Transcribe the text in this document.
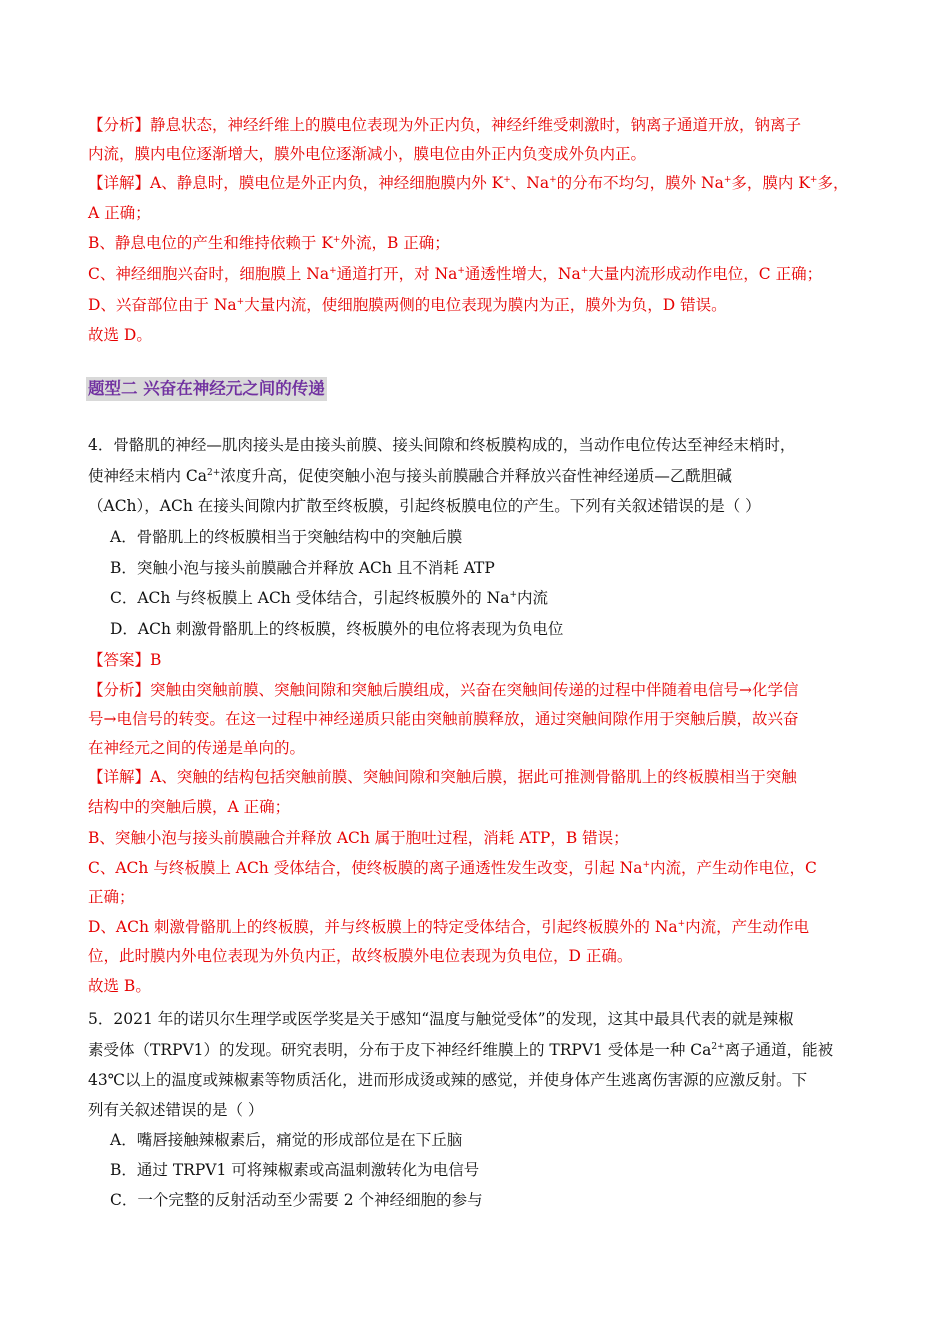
【分析】静息状态，神经纤维上的膜电位表现为外正内负，神经纤维受刺激时，钠离子通道开放，钠离子
内流，膜内电位逐渐增大，膜外电位逐渐减小，膜电位由外正内负变成外负内正。
【详解】A、静息时，膜电位是外正内负，神经细胞膜内外 K+、Na+的分布不均匀，膜外 Na+多，膜内 K+多，
A 正确；
B、静息电位的产生和维持依赖于 K+外流，B 正确；
C、神经细胞兴奋时，细胞膜上 Na+通道打开，对 Na+通透性增大，Na+大量内流形成动作电位，C 正确；
D、兴奋部位由于 Na+大量内流，使细胞膜两侧的电位表现为膜内为正，膜外为负，D 错误。
故选 D。
题型二 兴奋在神经元之间的传递
4．骨骼肌的神经—肌肉接头是由接头前膜、接头间隙和终板膜构成的，当动作电位传达至神经末梢时，
使神经末梢内 $Ca^{2+}$浓度升高，促使突触小泡与接头前膜融合并释放兴奋性神经递质—乙酰胆碱
（ACh），ACh 在接头间隙内扩散至终板膜，引起终板膜电位的产生。下列有关叙述错误的是（ ）
A．骨骼肌上的终板膜相当于突触结构中的突触后膜
B．突触小泡与接头前膜融合并释放 ACh 且不消耗 ATP
C．ACh 与终板膜上 ACh 受体结合，引起终板膜外的 Na+内流
D．ACh 刺激骨骼肌上的终板膜，终板膜外的电位将表现为负电位
【答案】B
【分析】突触由突触前膜、突触间隙和突触后膜组成，兴奋在突触间传递的过程中伴随着电信号→化学信
号→电信号的转变。在这一过程中神经递质只能由突触前膜释放，通过突触间隙作用于突触后膜，故兴奋
在神经元之间的传递是单向的。
【详解】A、突触的结构包括突触前膜、突触间隙和突触后膜，据此可推测骨骼肌上的终板膜相当于突触
结构中的突触后膜，A 正确；
B、突触小泡与接头前膜融合并释放 ACh 属于胞吐过程，消耗 ATP，B 错误；
C、ACh 与终板膜上 ACh 受体结合，使终板膜的离子通透性发生改变，引起 Na+内流，产生动作电位，C
正确；
D、ACh 刺激骨骼肌上的终板膜，并与终板膜上的特定受体结合，引起终板膜外的 Na+内流，产生动作电
位，此时膜内外电位表现为外负内正，故终板膜外电位表现为负电位，D 正确。
故选 B。
5．2021 年的诺贝尔生理学或医学奖是关于感知“温度与触觉受体”的发现，这其中最具代表的就是辣椒
素受体（TRPV1）的发现。研究表明，分布于皮下神经纤维膜上的 TRPV1 受体是一种 $Ca^{2+}$离子通道，能被
43℃以上的温度或辣椒素等物质活化，进而形成烫或辣的感觉，并使身体产生逃离伤害源的应激反射。下
列有关叙述错误的是（ ）
A．嘴唇接触辣椒素后，痛觉的形成部位是在下丘脑
B．通过 TRPV1 可将辣椒素或高温刺激转化为电信号
C．一个完整的反射活动至少需要 2 个神经细胞的参与
